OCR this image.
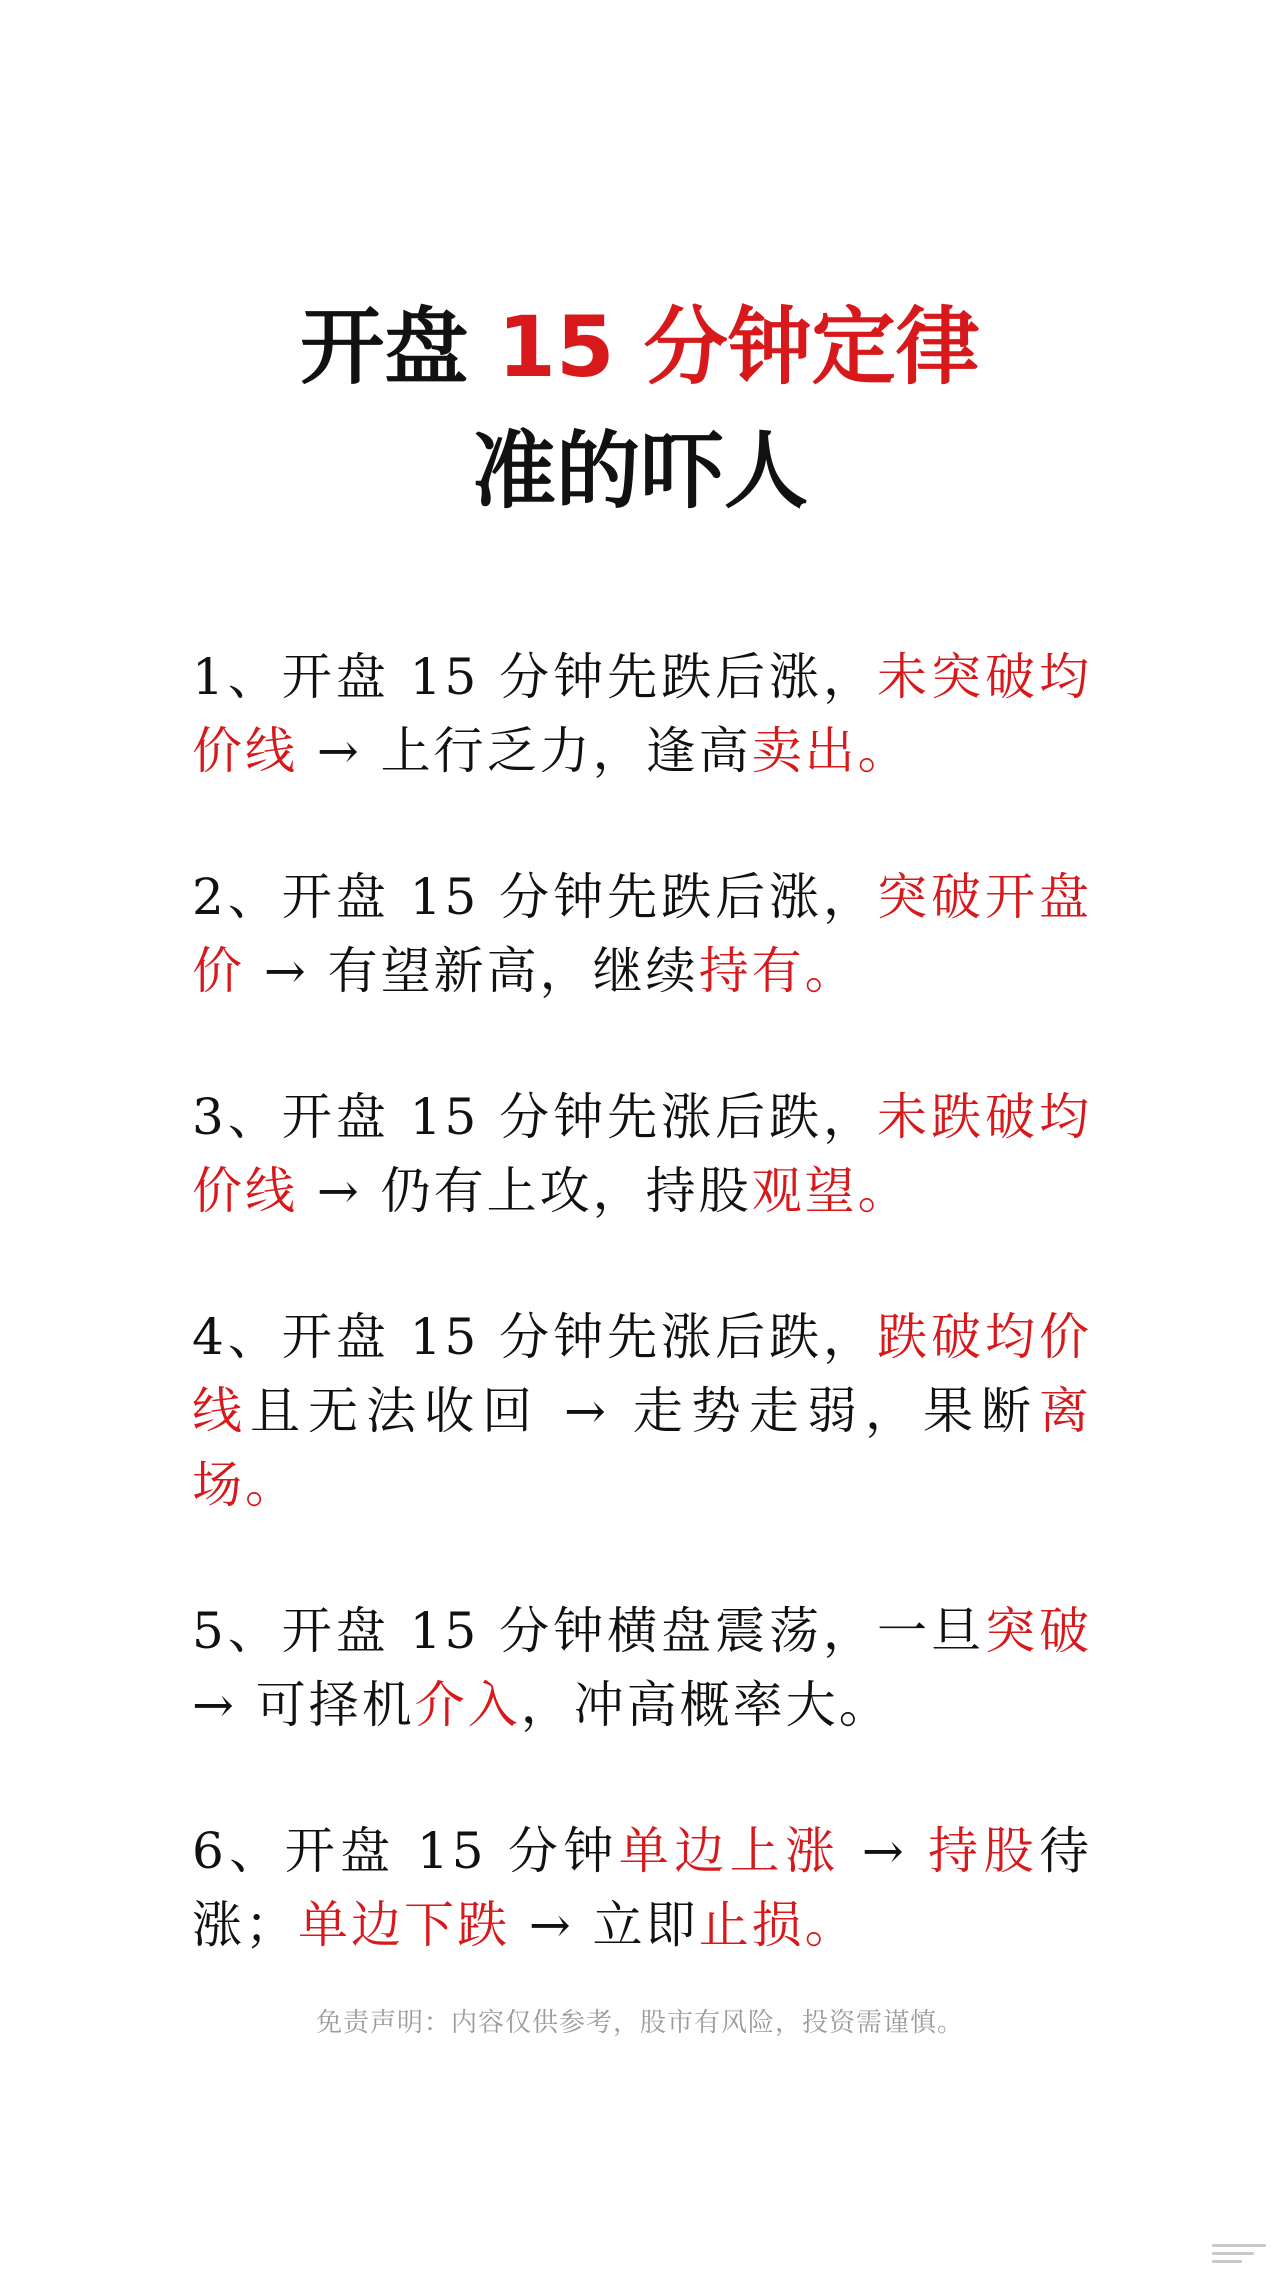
开盘 15 分钟定律
准的吓人
1、开盘 15 分钟先跌后涨，未突破均价线 → 上行乏力，逢高卖出。
2、开盘 15 分钟先跌后涨，突破开盘价 → 有望新高，继续持有。
3、开盘 15 分钟先涨后跌，未跌破均价线 → 仍有上攻，持股观望。
4、开盘 15 分钟先涨后跌，跌破均价线且无法收回 → 走势走弱，果断离场。
5、开盘 15 分钟横盘震荡，一旦突破 → 可择机介入，冲高概率大。
6、开盘 15 分钟单边上涨 → 持股待涨；单边下跌 → 立即止损。
免责声明：内容仅供参考，股市有风险，投资需谨慎。
